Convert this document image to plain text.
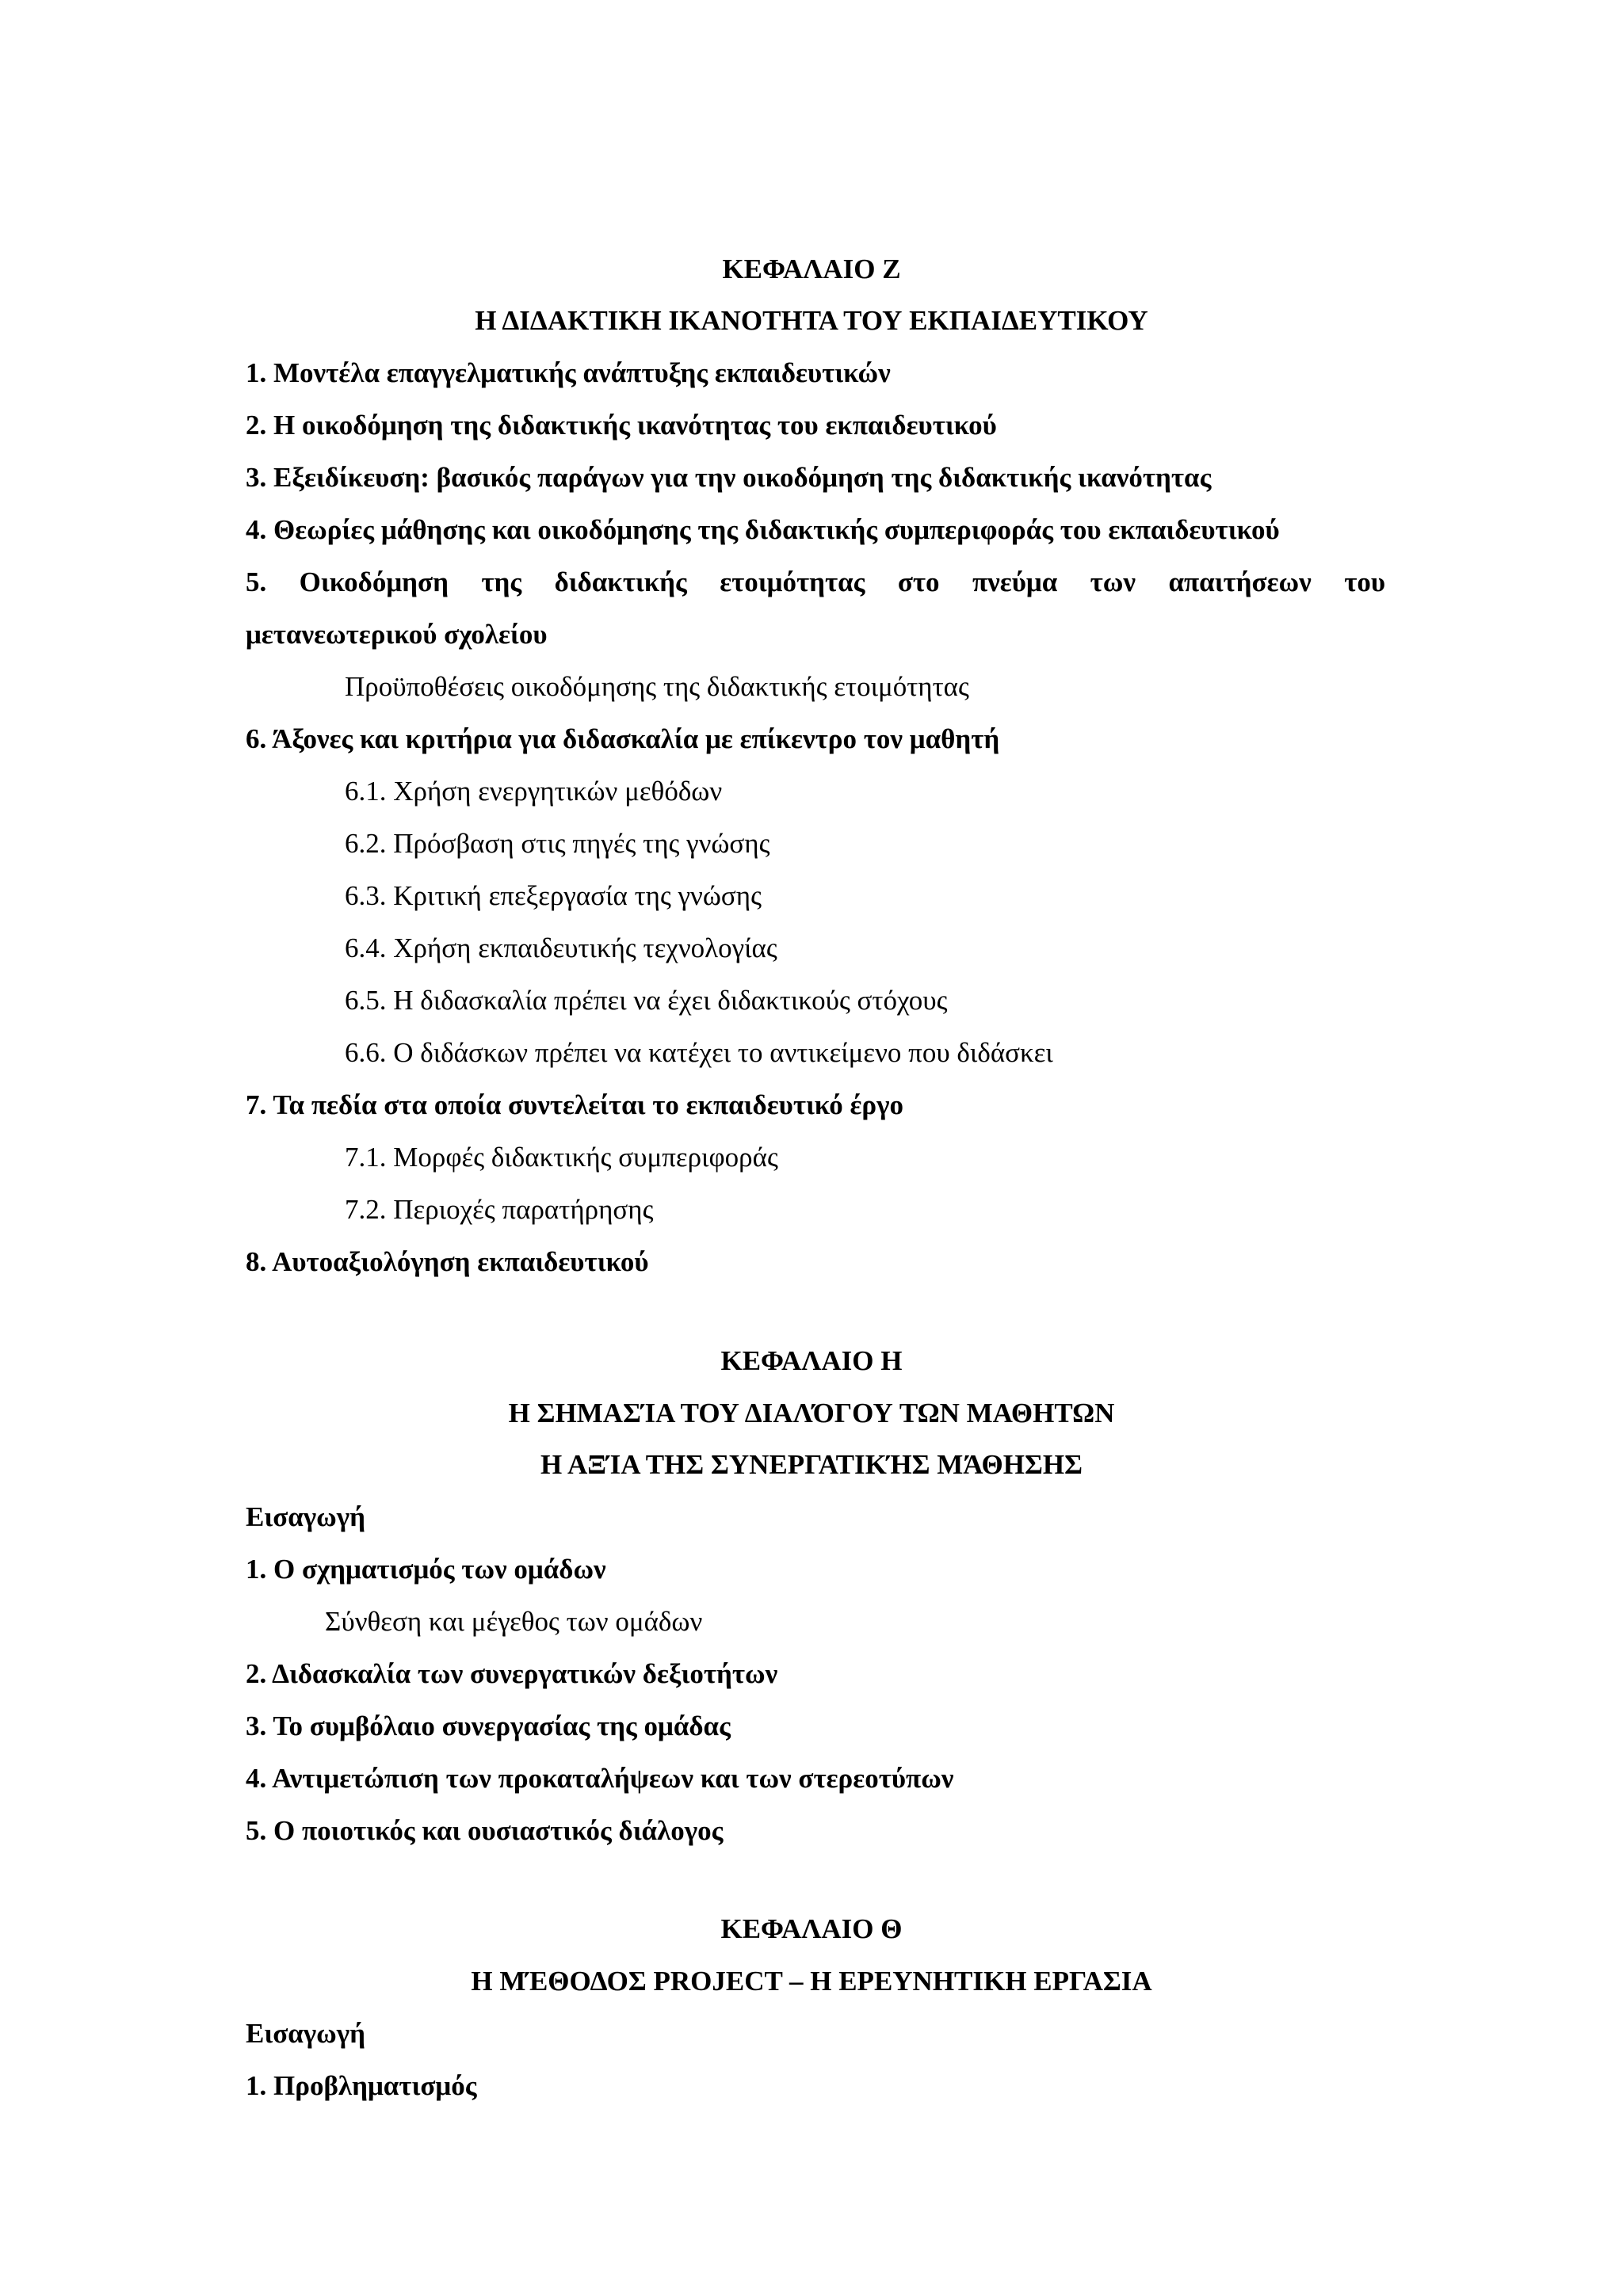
ΚΕΦΑΛΑΙΟ Ζ
Η ΔΙΔΑΚΤΙΚΗ ΙΚΑΝΟΤΗΤΑ ΤΟΥ ΕΚΠΑΙΔΕΥΤΙΚΟΥ
1. Μοντέλα επαγγελματικής ανάπτυξης εκπαιδευτικών
2. Η οικοδόμηση της διδακτικής ικανότητας του εκπαιδευτικού
3. Εξειδίκευση: βασικός παράγων για την οικοδόμηση της διδακτικής ικανότητας
4. Θεωρίες μάθησης και οικοδόμησης της διδακτικής συμπεριφοράς του εκπαιδευτικού
5. Οικοδόμηση της διδακτικής ετοιμότητας στο πνεύμα των απαιτήσεων του
μετανεωτερικού σχολείου
Προϋποθέσεις οικοδόμησης της διδακτικής ετοιμότητας
6. Άξονες και κριτήρια για διδασκαλία με επίκεντρο τον μαθητή
6.1. Χρήση ενεργητικών μεθόδων
6.2. Πρόσβαση στις πηγές της γνώσης
6.3. Κριτική επεξεργασία της γνώσης
6.4. Χρήση εκπαιδευτικής τεχνολογίας
6.5. Η διδασκαλία πρέπει να έχει διδακτικούς στόχους
6.6. Ο διδάσκων πρέπει να κατέχει το αντικείμενο που διδάσκει
7. Τα πεδία στα οποία συντελείται το εκπαιδευτικό έργο
7.1. Μορφές διδακτικής συμπεριφοράς
7.2. Περιοχές παρατήρησης
8. Αυτοαξιολόγηση εκπαιδευτικού
ΚΕΦΑΛΑΙΟ Η
Η ΣΗΜΑΣΊΑ ΤΟΥ ΔΙΑΛΌΓΟΥ ΤΩΝ ΜΑΘΗΤΩΝ
Η ΑΞΊΑ ΤΗΣ ΣΥΝΕΡΓΑΤΙΚΉΣ ΜΆΘΗΣΗΣ
Εισαγωγή
1. Ο σχηματισμός των ομάδων
Σύνθεση και μέγεθος των ομάδων
2. Διδασκαλία των συνεργατικών δεξιοτήτων
3. Το συμβόλαιο συνεργασίας της ομάδας
4. Αντιμετώπιση των προκαταλήψεων και των στερεοτύπων
5. Ο ποιοτικός και ουσιαστικός διάλογος
ΚΕΦΑΛΑΙΟ Θ
Η ΜΈΘΟΔΟΣ PROJECT – Η ΕΡΕΥΝΗΤΙΚΗ ΕΡΓΑΣΙΑ
Εισαγωγή
1. Προβληματισμός
